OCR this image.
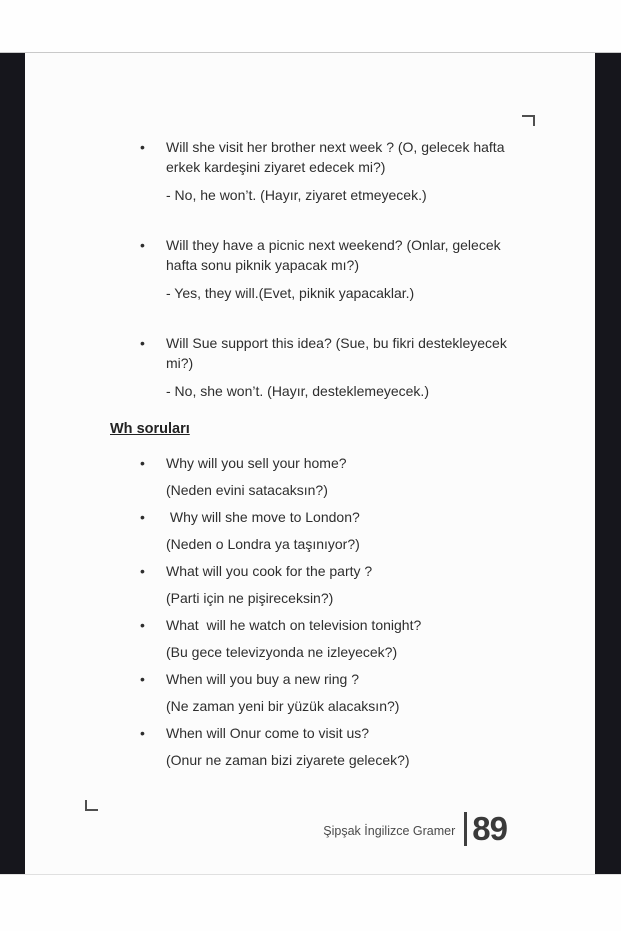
•	Will she visit her brother next week ? (O, gelecek hafta erkek kardeşini ziyaret edecek mi?)
- No, he won’t. (Hayır, ziyaret etmeyecek.)
•	Will they have a picnic next weekend? (Onlar, gelecek hafta sonu piknik yapacak mı?)
- Yes, they will.(Evet, piknik yapacaklar.)
•	Will Sue support this idea? (Sue, bu fikri destekleyecek mi?)
- No, she won’t. (Hayır, desteklemeyecek.)
Wh soruları
•	Why will you sell your home?
(Neden evini satacaksın?)
•	Why will she move to London?
(Neden o Londra ya taşınıyor?)
•	What will you cook for the party ?
(Parti için ne pişireceksin?)
•	What  will he watch on television tonight?
(Bu gece televizyonda ne izleyecek?)
•	When will you buy a new ring ?
(Ne zaman yeni bir yüzük alacaksın?)
•	When will Onur come to visit us?
(Onur ne zaman bizi ziyarete gelecek?)
Şipşak İngilizce Gramer 89
